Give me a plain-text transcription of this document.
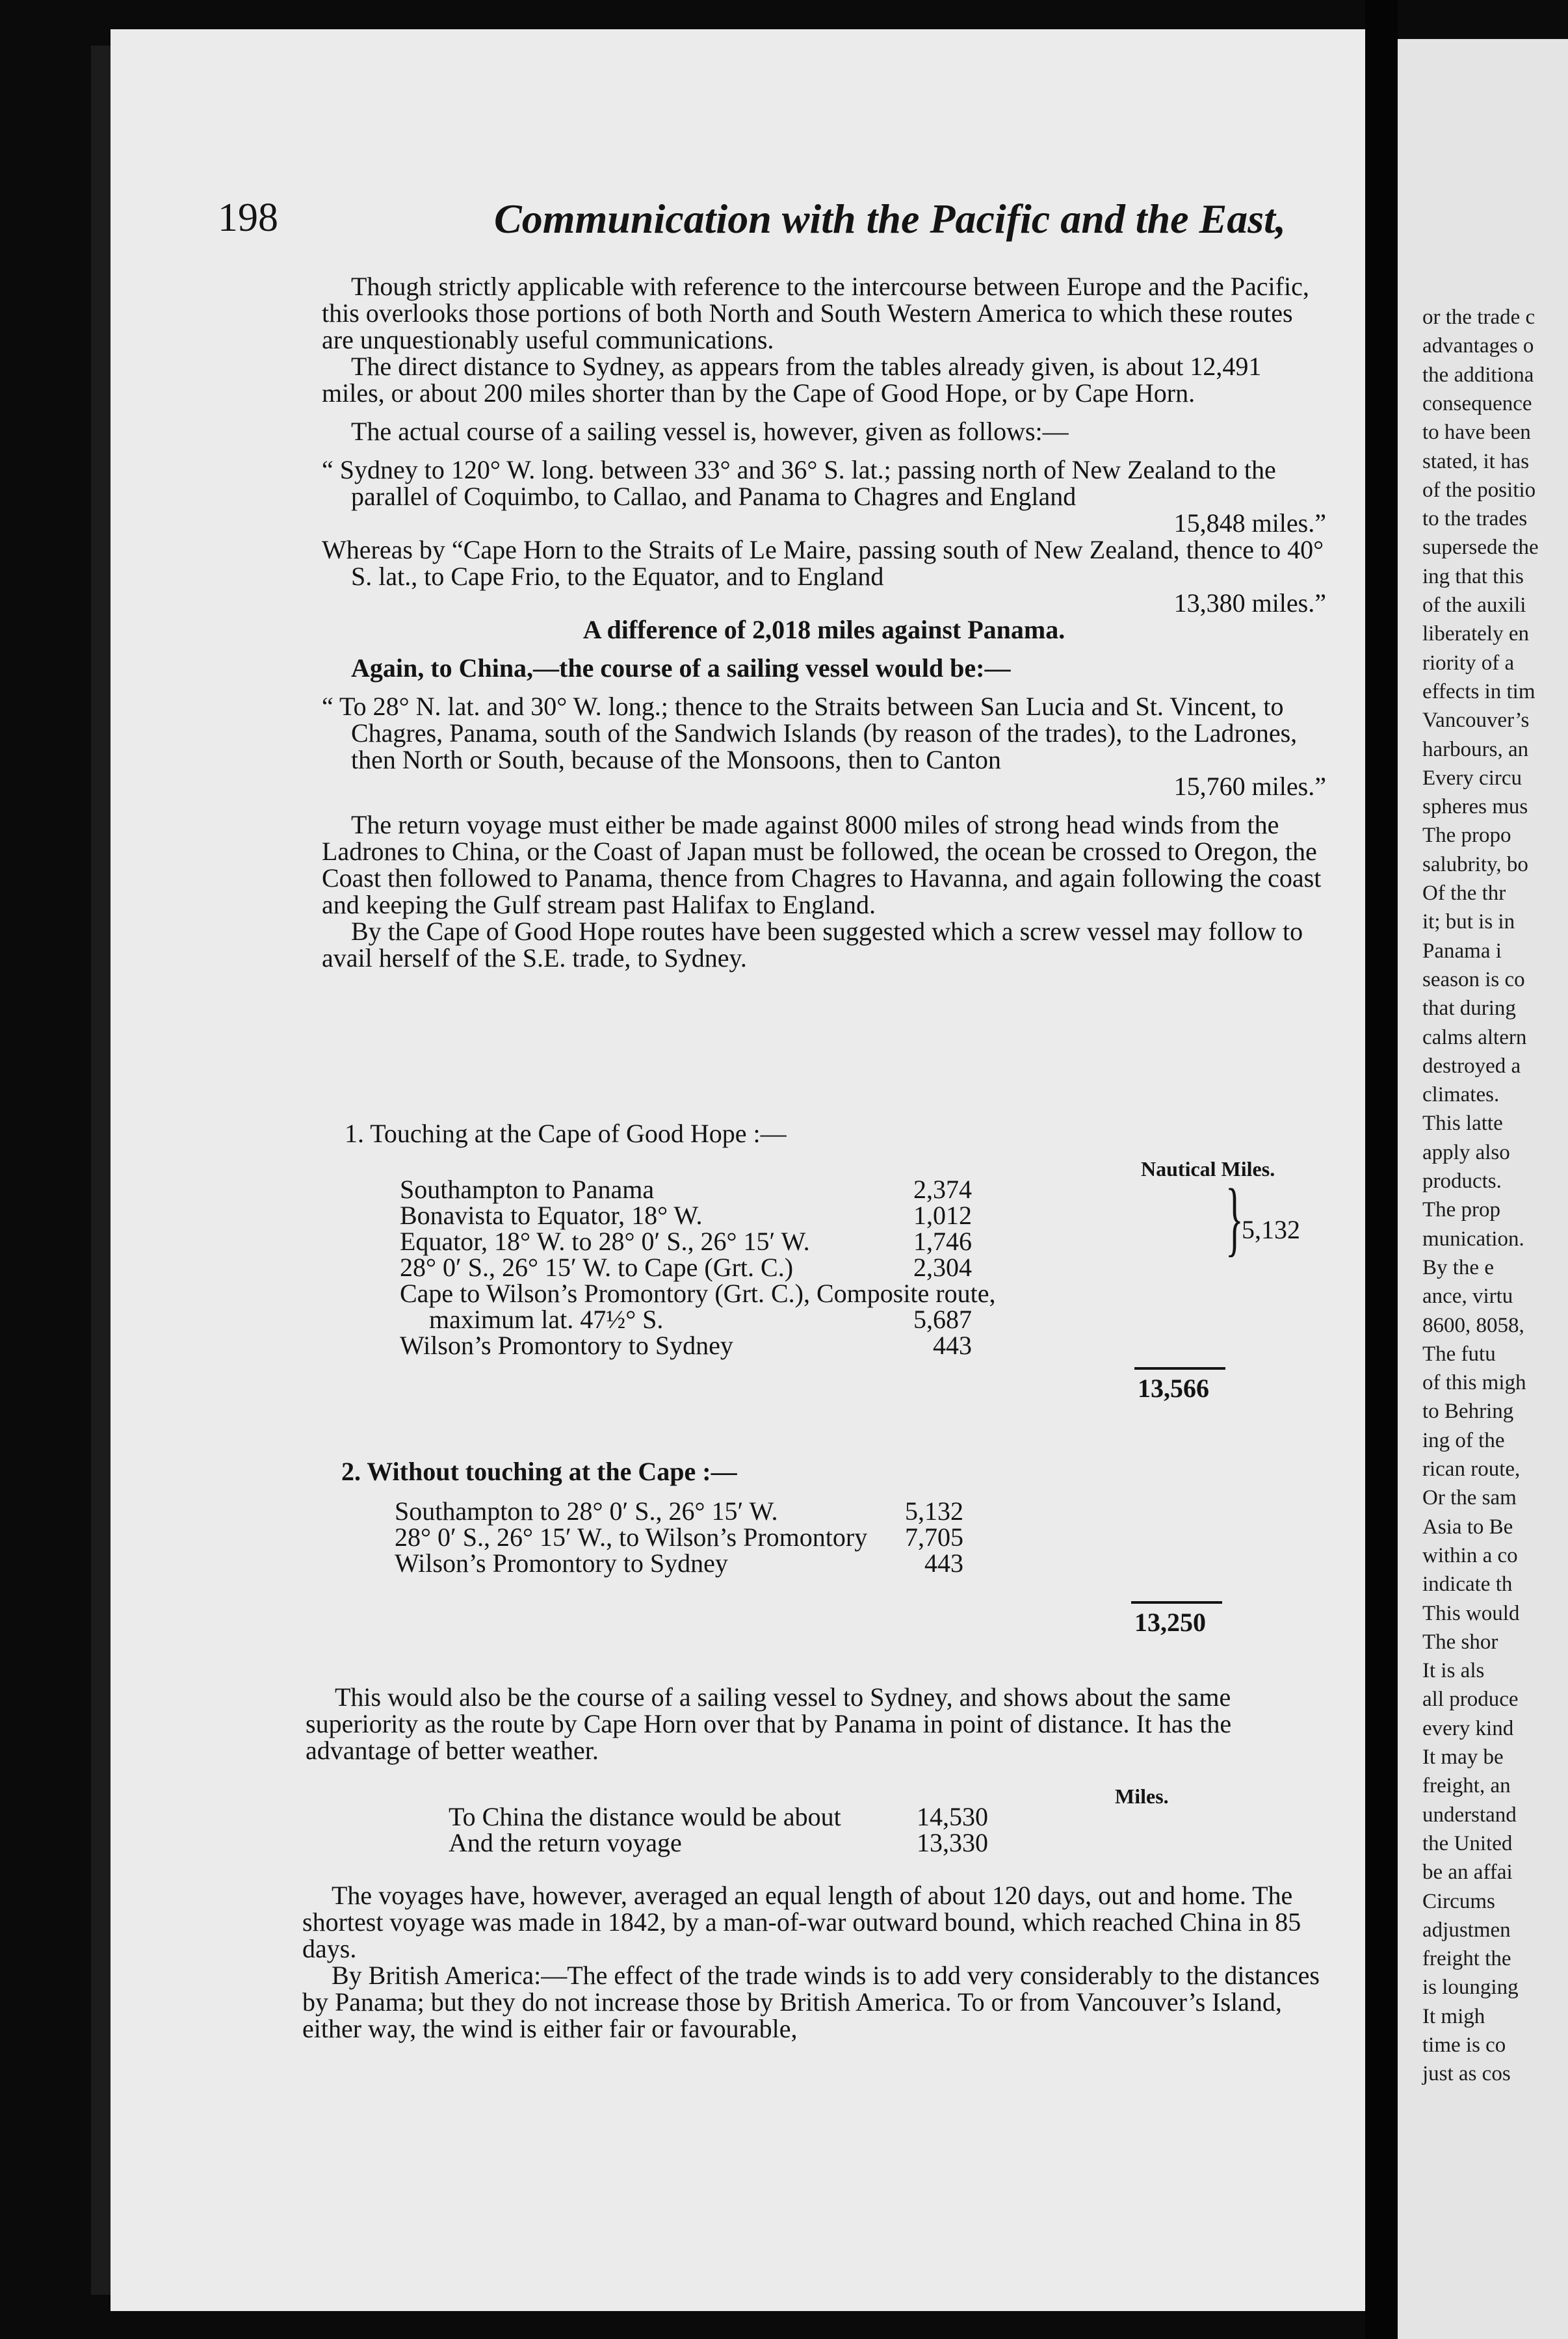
198	Communication with the Pacific and the East,

Though strictly applicable with reference to the intercourse between Europe and the Pacific, this overlooks those portions of both North and South Western America to which these routes are unquestionably useful communications.

The direct distance to Sydney, as appears from the tables already given, is about 12,491 miles, or about 200 miles shorter than by the Cape of Good Hope, or by Cape Horn.

The actual course of a sailing vessel is, however, given as follows:—

“ Sydney to 120° W. long. between 33° and 36° S. lat.; passing north of New Zealand to the parallel of Coquimbo, to Callao, and Panama to Chagres and England
15,848 miles.”
Whereas by “Cape Horn to the Straits of Le Maire, passing south of New Zealand, thence to 40° S. lat., to Cape Frio, to the Equator, and to England
13,380 miles.”
A difference of 2,018 miles against Panama.

Again, to China,—the course of a sailing vessel would be:—

“ To 28° N. lat. and 30° W. long.; thence to the Straits between San Lucia and St. Vincent, to Chagres, Panama, south of the Sandwich Islands (by reason of the trades), to the Ladrones, then North or South, because of the Monsoons, then to Canton
15,760 miles.”

The return voyage must either be made against 8000 miles of strong head winds from the Ladrones to China, or the Coast of Japan must be followed, the ocean be crossed to Oregon, the Coast then followed to Panama, thence from Chagres to Havanna, and again following the coast and keeping the Gulf stream past Halifax to England.

By the Cape of Good Hope routes have been suggested which a screw vessel may follow to avail herself of the S.E. trade, to Sydney.

1. Touching at the Cape of Good Hope :—
Nautical Miles.
Southampton to Panama	2,374
Bonavista to Equator, 18° W.	1,012
Equator, 18° W. to 28° 0′ S., 26° 15′ W.	1,746
28° 0′ S., 26° 15′ W. to Cape (Grt. C.)	2,304
Cape to Wilson’s Promontory (Grt. C.), Composite route,
maximum lat. 47½° S.	5,687
Wilson’s Promontory to Sydney	443
}
5,132
13,566
2. Without touching at the Cape :—
Southampton to 28° 0′ S., 26° 15′ W.	5,132
28° 0′ S., 26° 15′ W., to Wilson’s Promontory 7,705
Wilson’s Promontory to Sydney	443
13,250

This would also be the course of a sailing vessel to Sydney, and shows about the same superiority as the route by Cape Horn over that by Panama in point of distance. It has the advantage of better weather.

Miles.
To China the distance would be about	14,530
And the return voyage	13,330

The voyages have, however, averaged an equal length of about 120 days, out and home. The shortest voyage was made in 1842, by a man-of-war outward bound, which reached China in 85 days.

By British America:—The effect of the trade winds is to add very considerably to the distances by Panama; but they do not increase those by British America. To or from Vancouver’s Island, either way, the wind is either fair or favourable,

or the trade c
advantages o
the additiona
consequence
to have been
stated, it has
of the positio
to the trades
supersede the
ing that this
of the auxili
liberately en
riority of a
effects in tim
Vancouver’s
harbours, an
Every circu
spheres mus
The propo
salubrity, bo
Of the thr
it; but is in
Panama i
season is co
that during
calms altern
destroyed a
climates.
This latte
apply also
products.
The prop
munication.
By the e
ance, virtu
8600, 8058,
The futu
of this migh
to Behring
ing of the
rican route,
Or the sam
Asia to Be
within a co
indicate th
This would
The shor
It is als
all produce
every kind
It may be
freight, an
understand
the United
be an affai
Circums
adjustmen
freight the
is lounging
It migh
time is co
just as cos
